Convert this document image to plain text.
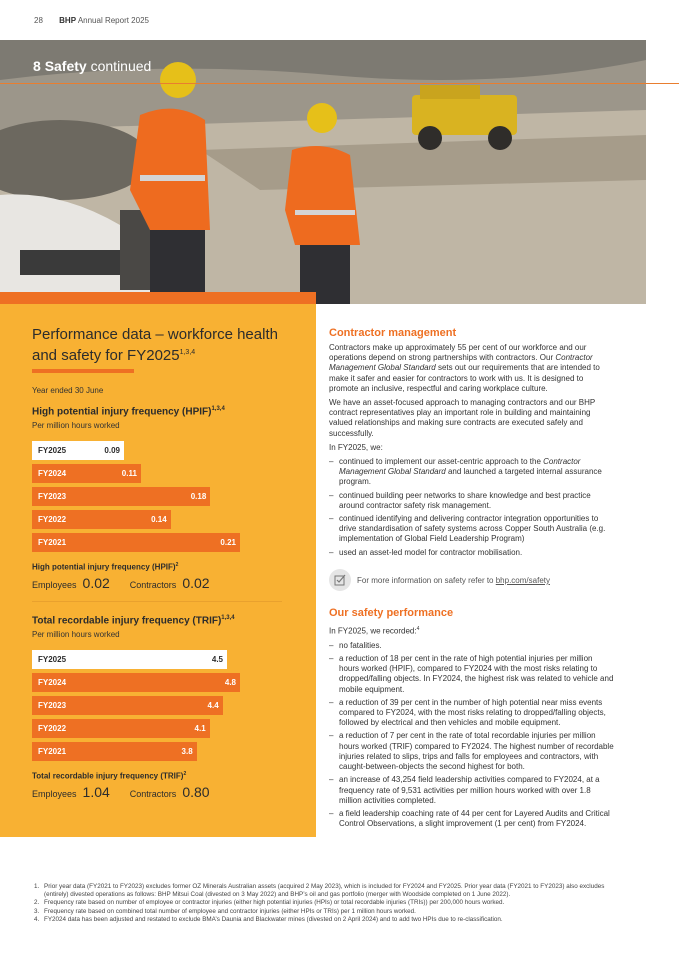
28 BHP Annual Report 2025
8 Safety continued
Performance data – workforce health and safety for FY2025$^{1,3,4}$
Year ended 30 June
High potential injury frequency (HPIF)$^{1,3,4}$
Per million hours worked
FY2025	0.09
FY2024	0.11
FY2023	0.18
FY2022	0.14
FY2021	0.21
High potential injury frequency (HPIF)$^2$
Employees 0.02 Contractors 0.02
Total recordable injury frequency (TRIF)$^{1,3,4}$
Per million hours worked
FY2025	4.5
FY2024	4.8
FY2023	4.4
FY2022	4.1
FY2021	3.8
Total recordable injury frequency (TRIF)$^2$
Employees 1.04 Contractors 0.80
Contractor management

Contractors make up approximately 55 per cent of our workforce and our operations depend on strong partnerships with contractors. Our Contractor Management Global Standard sets out our requirements that are intended to make it safer and easier for contractors to work with us. It is designed to promote an inclusive, respectful and caring workplace culture.

We have an asset-focused approach to managing contractors and our BHP contract representatives play an important role in building and maintaining valued relationships and making sure contracts are executed safely and successfully.

In FY2025, we:

– continued to implement our asset-centric approach to the Contractor Management Global Standard and launched a targeted internal assurance program.
– continued building peer networks to share knowledge and best practice around contractor safety risk management.
– continued identifying and delivering contractor integration opportunities to drive standardisation of safety systems across Copper South Australia (e.g. implementation of Global Field Leadership Program)
– used an asset-led model for contractor mobilisation.
For more information on safety refer to bhp.com/safety
Our safety performance

In FY2025, we recorded:$^4$

– no fatalities.
– a reduction of 18 per cent in the rate of high potential injuries per million hours worked (HPIF), compared to FY2024 with the most risks relating to dropped/falling objects. In FY2024, the highest risk was related to vehicle and mobile equipment.
– a reduction of 39 per cent in the number of high potential near miss events compared to FY2024, with the most risks relating to dropped/falling objects, followed by electrical and then vehicles and mobile equipment.
– a reduction of 7 per cent in the rate of total recordable injuries per million hours worked (TRIF) compared to FY2024. The highest number of recordable injuries related to slips, trips and falls for employees and contractors, with caught-between-objects the second highest for both.
– an increase of 43,254 field leadership activities compared to FY2024, at a frequency rate of 9,531 activities per million hours worked with over 1.8 million activities completed.
– a field leadership coaching rate of 44 per cent for Layered Audits and Critical Control Observations, a slight improvement (1 per cent) from FY2024.
1. Prior year data (FY2021 to FY2023) excludes former OZ Minerals Australian assets (acquired 2 May 2023), which is included for FY2024 and FY2025. Prior year data (FY2021 to FY2023) also excludes (entirely) divested operations as follows: BHP Mitsui Coal (divested on 3 May 2022) and BHP’s oil and gas portfolio (merger with Woodside completed on 1 June 2022).
2. Frequency rate based on number of employee or contractor injuries (either high potential injuries (HPIs) or total recordable injuries (TRIs)) per 200,000 hours worked.
3. Frequency rate based on combined total number of employee and contractor injuries (either HPIs or TRIs) per 1 million hours worked.
4. FY2024 data has been adjusted and restated to exclude BMA’s Daunia and Blackwater mines (divested on 2 April 2024) and to add two HPIs due to re-classification.
